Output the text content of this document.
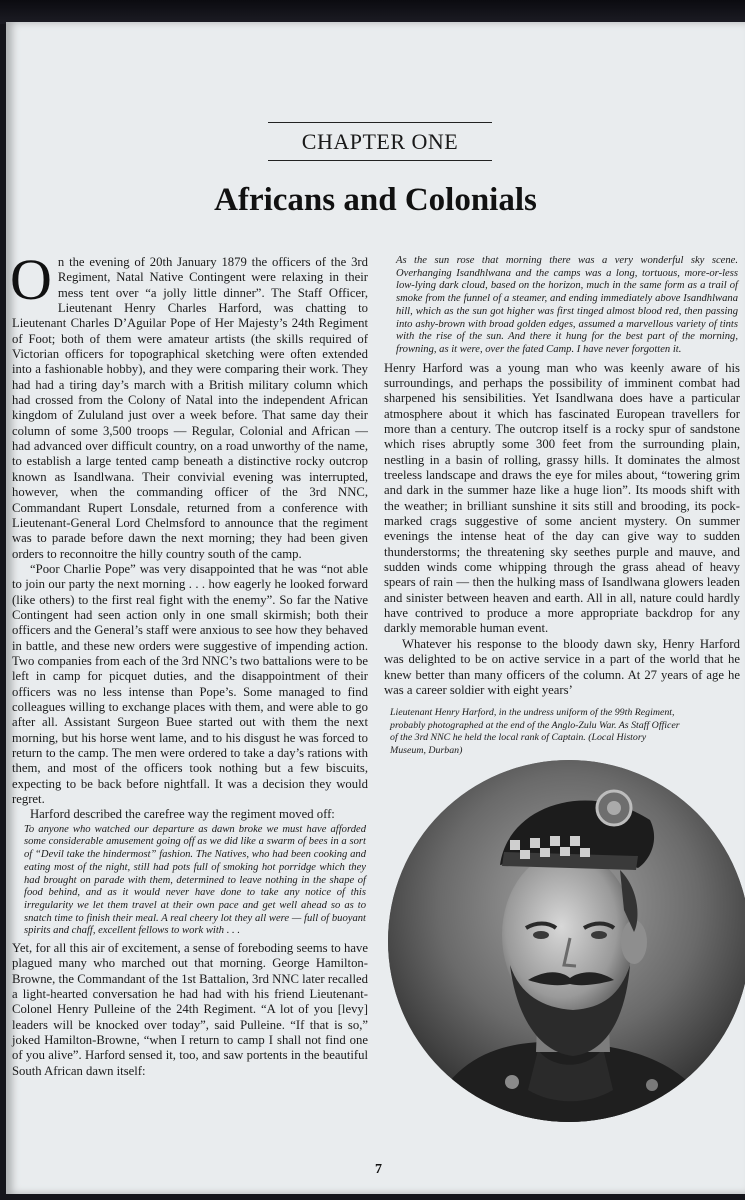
CHAPTER ONE
Africans and Colonials

On the evening of 20th January 1879 the officers of the 3rd Regiment, Natal Native Contingent were relaxing in their mess tent over “a jolly little dinner”. The Staff Officer, Lieutenant Henry Charles Harford, was chatting to Lieutenant Charles D’Aguilar Pope of Her Majesty’s 24th Regiment of Foot; both of them were amateur artists (the skills required of Victorian officers for topographical sketching were often extended into a fashionable hobby), and they were comparing their work. They had had a tiring day’s march with a British military column which had crossed from the Colony of Natal into the independent African kingdom of Zululand just over a week before. That same day their column of some 3,500 troops — Regular, Colonial and African — had advanced over difficult country, on a road unworthy of the name, to establish a large tented camp beneath a distinctive rocky outcrop known as Isandlwana. Their convivial evening was interrupted, however, when the commanding officer of the 3rd NNC, Commandant Rupert Lonsdale, returned from a conference with Lieutenant-General Lord Chelmsford to announce that the regiment was to parade before dawn the next morning; they had been given orders to reconnoitre the hilly country south of the camp.

“Poor Charlie Pope” was very disappointed that he was “not able to join our party the next morning . . . how eagerly he looked forward (like others) to the first real fight with the enemy”. So far the Native Contingent had seen action only in one small skirmish; both their officers and the General’s staff were anxious to see how they behaved in battle, and these new orders were suggestive of impending action. Two companies from each of the 3rd NNC’s two battalions were to be left in camp for picquet duties, and the disappointment of their officers was no less intense than Pope’s. Some managed to find colleagues willing to exchange places with them, and were able to go after all. Assistant Surgeon Buee started out with them the next morning, but his horse went lame, and to his disgust he was forced to return to the camp. The men were ordered to take a day’s rations with them, and most of the officers took nothing but a few biscuits, expecting to be back before nightfall. It was a decision they would regret.

Harford described the carefree way the regiment moved off:

To anyone who watched our departure as dawn broke we must have afforded some considerable amusement going off as we did like a swarm of bees in a sort of “Devil take the hindermost” fashion. The Natives, who had been cooking and eating most of the night, still had pots full of smoking hot porridge which they had brought on parade with them, determined to leave nothing in the shape of food behind, and as it would never have done to take any notice of this irregularity we let them travel at their own pace and get well ahead so as to snatch time to finish their meal. A real cheery lot they all were — full of buoyant spirits and chaff, excellent fellows to work with . . .

Yet, for all this air of excitement, a sense of foreboding seems to have plagued many who marched out that morning. George Hamilton-Browne, the Commandant of the 1st Battalion, 3rd NNC later recalled a light-hearted conversation he had had with his friend Lieutenant-Colonel Henry Pulleine of the 24th Regiment. “A lot of you [levy] leaders will be knocked over today”, said Pulleine. “If that is so,” joked Hamilton-Browne, “when I return to camp I shall not find one of you alive”. Harford sensed it, too, and saw portents in the beautiful South African dawn itself:

As the sun rose that morning there was a very wonderful sky scene. Overhanging Isandhlwana and the camps was a long, tortuous, more-or-less low-lying dark cloud, based on the horizon, much in the same form as a trail of smoke from the funnel of a steamer, and ending immediately above Isandhlwana hill, which as the sun got higher was first tinged almost blood red, then passing into ashy-brown with broad golden edges, assumed a marvellous variety of tints with the rise of the sun. And there it hung for the best part of the morning, frowning, as it were, over the fated Camp. I have never forgotten it.

Henry Harford was a young man who was keenly aware of his surroundings, and perhaps the possibility of imminent combat had sharpened his sensibilities. Yet Isandlwana does have a particular atmosphere about it which has fascinated European travellers for more than a century. The outcrop itself is a rocky spur of sandstone which rises abruptly some 300 feet from the surrounding plain, nestling in a basin of rolling, grassy hills. It dominates the almost treeless landscape and draws the eye for miles about, “towering grim and dark in the summer haze like a huge lion”. Its moods shift with the weather; in brilliant sunshine it sits still and brooding, its pock-marked crags suggestive of some ancient mystery. On summer evenings the intense heat of the day can give way to sudden thunderstorms; the threatening sky seethes purple and mauve, and sudden winds come whipping through the grass ahead of heavy spears of rain — then the hulking mass of Isandlwana glowers leaden and sinister between heaven and earth. All in all, nature could hardly have contrived to produce a more appropriate backdrop for any darkly memorable human event.

Whatever his response to the bloody dawn sky, Henry Harford was delighted to be on active service in a part of the world that he knew better than many officers of the column. At 27 years of age he was a career soldier with eight years’

Lieutenant Henry Harford, in the undress uniform of the 99th Regiment, probably photographed at the end of the Anglo-Zulu War. As Staff Officer of the 3rd NNC he held the local rank of Captain. (Local History Museum, Durban)
7
